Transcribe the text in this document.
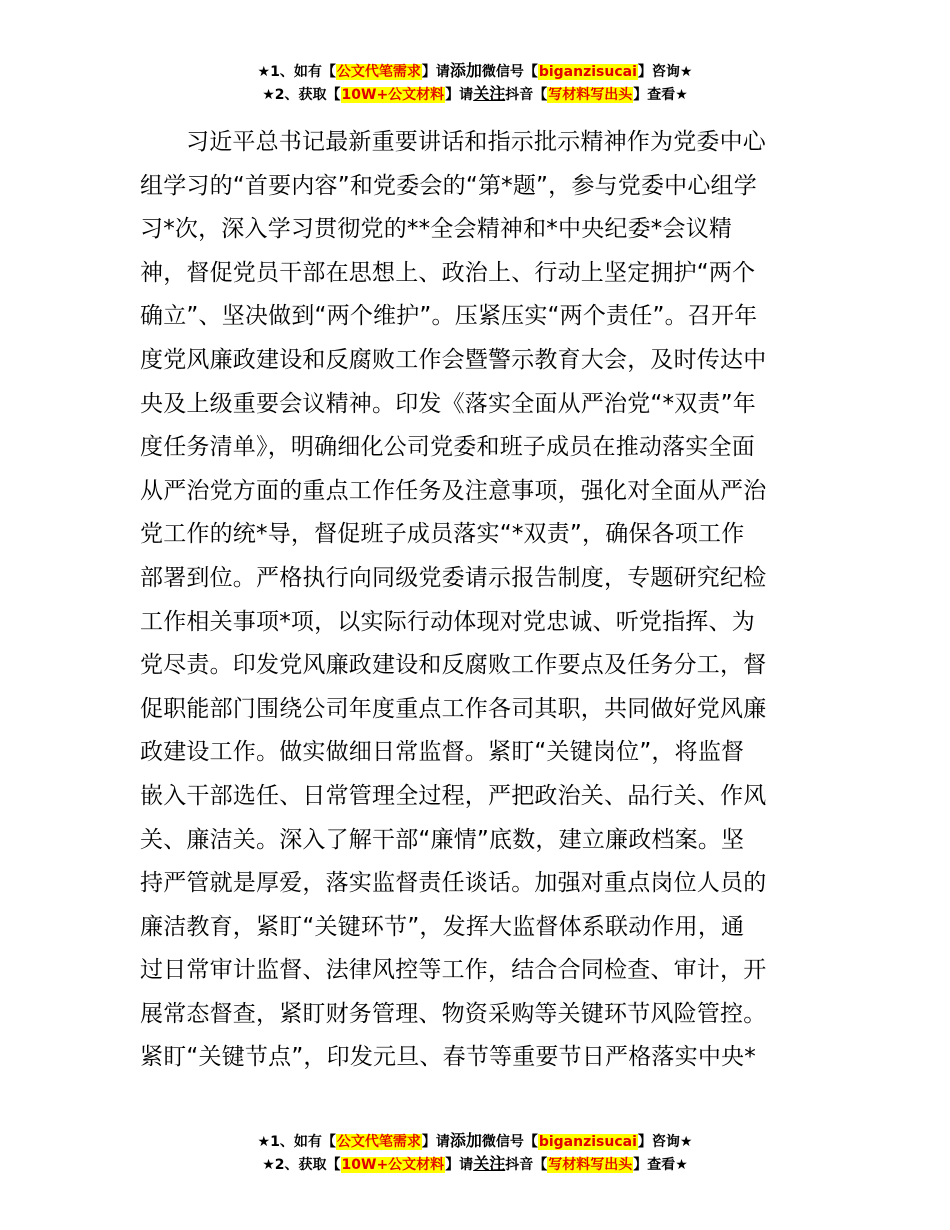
★1、如有【公文代笔需求】请添加微信号【biganzisucai】咨询★
★2、获取【10W+公文材料】请关注抖音【写材料写出头】查看★
习近平总书记最新重要讲话和指示批示精神作为党委中心
组学习的“首要内容”和党委会的“第*题”，参与党委中心组学
习*次，深入学习贯彻党的**全会精神和*中央纪委*会议精
神，督促党员干部在思想上、政治上、行动上坚定拥护“两个
确立”、坚决做到“两个维护”。压紧压实“两个责任”。召开年
度党风廉政建设和反腐败工作会暨警示教育大会，及时传达中
央及上级重要会议精神。印发《落实全面从严治党“*双责”年
度任务清单》，明确细化公司党委和班子成员在推动落实全面
从严治党方面的重点工作任务及注意事项，强化对全面从严治
党工作的统*导，督促班子成员落实“*双责”，确保各项工作
部署到位。严格执行向同级党委请示报告制度，专题研究纪检
工作相关事项*项，以实际行动体现对党忠诚、听党指挥、为
党尽责。印发党风廉政建设和反腐败工作要点及任务分工，督
促职能部门围绕公司年度重点工作各司其职，共同做好党风廉
政建设工作。做实做细日常监督。紧盯“关键岗位”，将监督
嵌入干部选任、日常管理全过程，严把政治关、品行关、作风
关、廉洁关。深入了解干部“廉情”底数，建立廉政档案。坚
持严管就是厚爱，落实监督责任谈话。加强对重点岗位人员的
廉洁教育，紧盯“关键环节”，发挥大监督体系联动作用，通
过日常审计监督、法律风控等工作，结合合同检查、审计，开
展常态督查，紧盯财务管理、物资采购等关键环节风险管控。
紧盯“关键节点”，印发元旦、春节等重要节日严格落实中央*
★1、如有【公文代笔需求】请添加微信号【biganzisucai】咨询★
★2、获取【10W+公文材料】请关注抖音【写材料写出头】查看★
